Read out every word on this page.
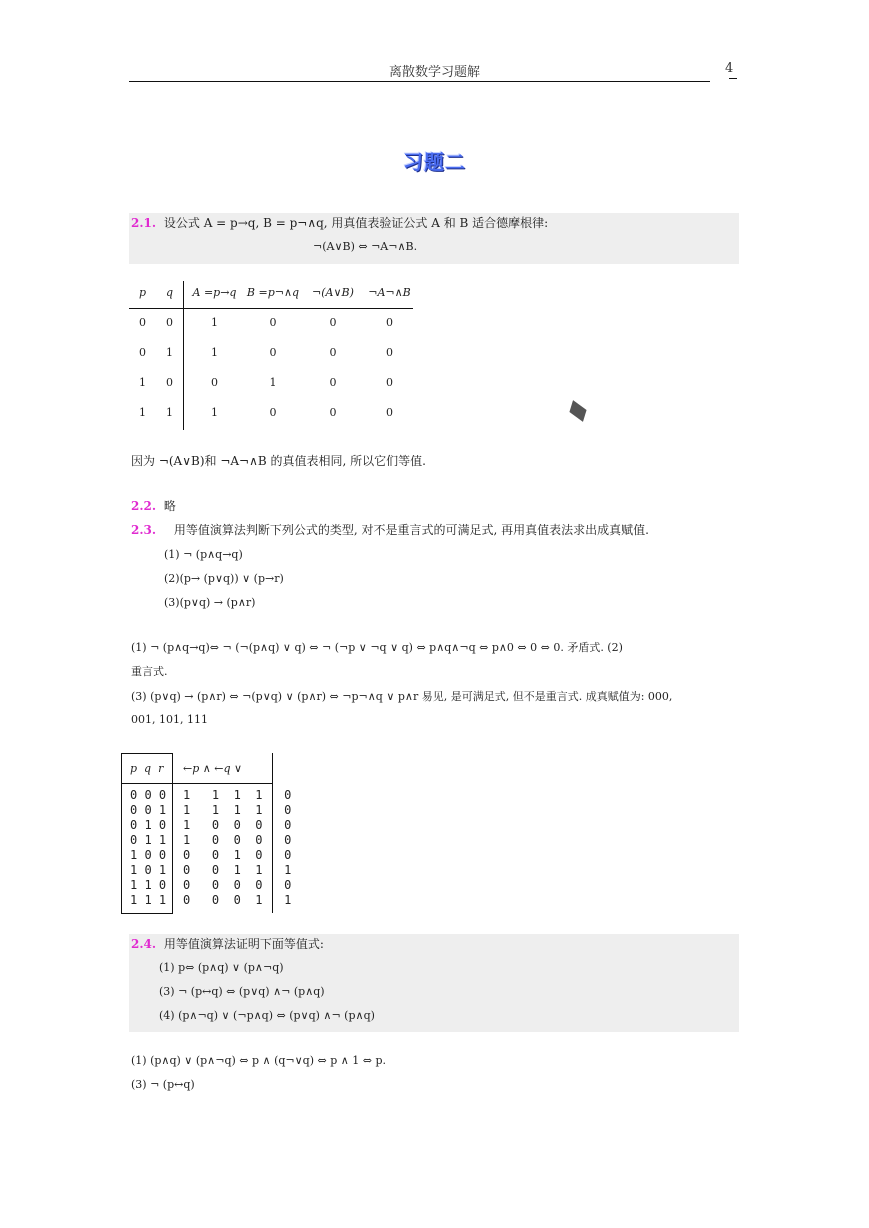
离散数学习题解	4
习题二
2.1. 设公式 A = p→q, B = p¬∧q, 用真值表验证公式 A 和 B 适合德摩根律:
¬(A∨B) ⇔ ¬A¬∧B.
p	q	A =p→q	B =p¬∧q	¬(A∨B)	¬A¬∧B
0	0	1	0	0	0
0	1	1	0	0	0
1	0	0	1	0	0
1	1	1	0	0	0
因为 ¬(A∨B)和 ¬A¬∧B 的真值表相同, 所以它们等值.
2.2. 略
2.3. 用等值演算法判断下列公式的类型, 对不是重言式的可满足式, 再用真值表法求出成真赋值.
(1) ¬ (p∧q→q)
(2)(p→ (p∨q)) ∨ (p→r)
(3)(p∨q) → (p∧r)
(1) ¬ (p∧q→q)⇔ ¬ (¬(p∧q) ∨ q) ⇔ ¬ (¬p ∨ ¬q ∨ q) ⇔ p∧q∧¬q ⇔ p∧0 ⇔ 0 ⇔ 0. 矛盾式. (2)
重言式.
(3) (p∨q) → (p∧r) ⇔ ¬(p∨q) ∨ (p∧r) ⇔ ¬p¬∧q ∨ p∧r 易见, 是可满足式, 但不是重言式. 成真赋值为: 000,
001, 101, 111
p  q  r ←p ∧ ←q ∨
0 0 0	1   1  1  1   0
0 0 1	1   1  1  1   0
0 1 0	1   0  0  0   0
0 1 1	1   0  0  0   0
1 0 0	0   0  1  0   0
1 0 1	0   0  1  1   1
1 1 0	0   0  0  0   0
1 1 1	0   0  0  1   1
2.4. 用等值演算法证明下面等值式:
(1) p⇔ (p∧q) ∨ (p∧¬q)
(3) ¬ (p↔q) ⇔ (p∨q) ∧¬ (p∧q)
(4) (p∧¬q) ∨ (¬p∧q) ⇔ (p∨q) ∧¬ (p∧q)
(1) (p∧q) ∨ (p∧¬q) ⇔ p ∧ (q¬∨q) ⇔ p ∧ 1 ⇔ p.
(3) ¬ (p↔q)
